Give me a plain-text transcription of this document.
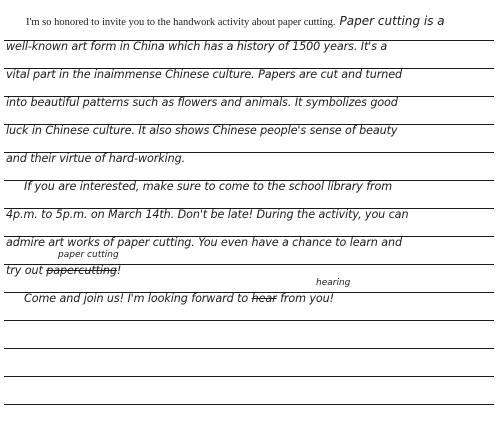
I'm so honored to invite you to the handwork activity about paper cutting. Paper cutting is a
well-known art form in China which has a history of 1500 years. It's a
vital part in the inaimmense Chinese culture. Papers are cut and turned
into beautiful patterns such as flowers and animals. It symbolizes good
luck in Chinese culture. It also shows Chinese people's sense of beauty
and their virtue of hard-working.
If you are interested, make sure to come to the school library from
4p.m. to 5p.m. on March 14th. Don't be late! During the activity, you can
admire art works of paper cutting. You even have a chance to learn and
paper cutting
try out papercutting!
hearing
Come and join us! I'm looking forward to hear from you!
